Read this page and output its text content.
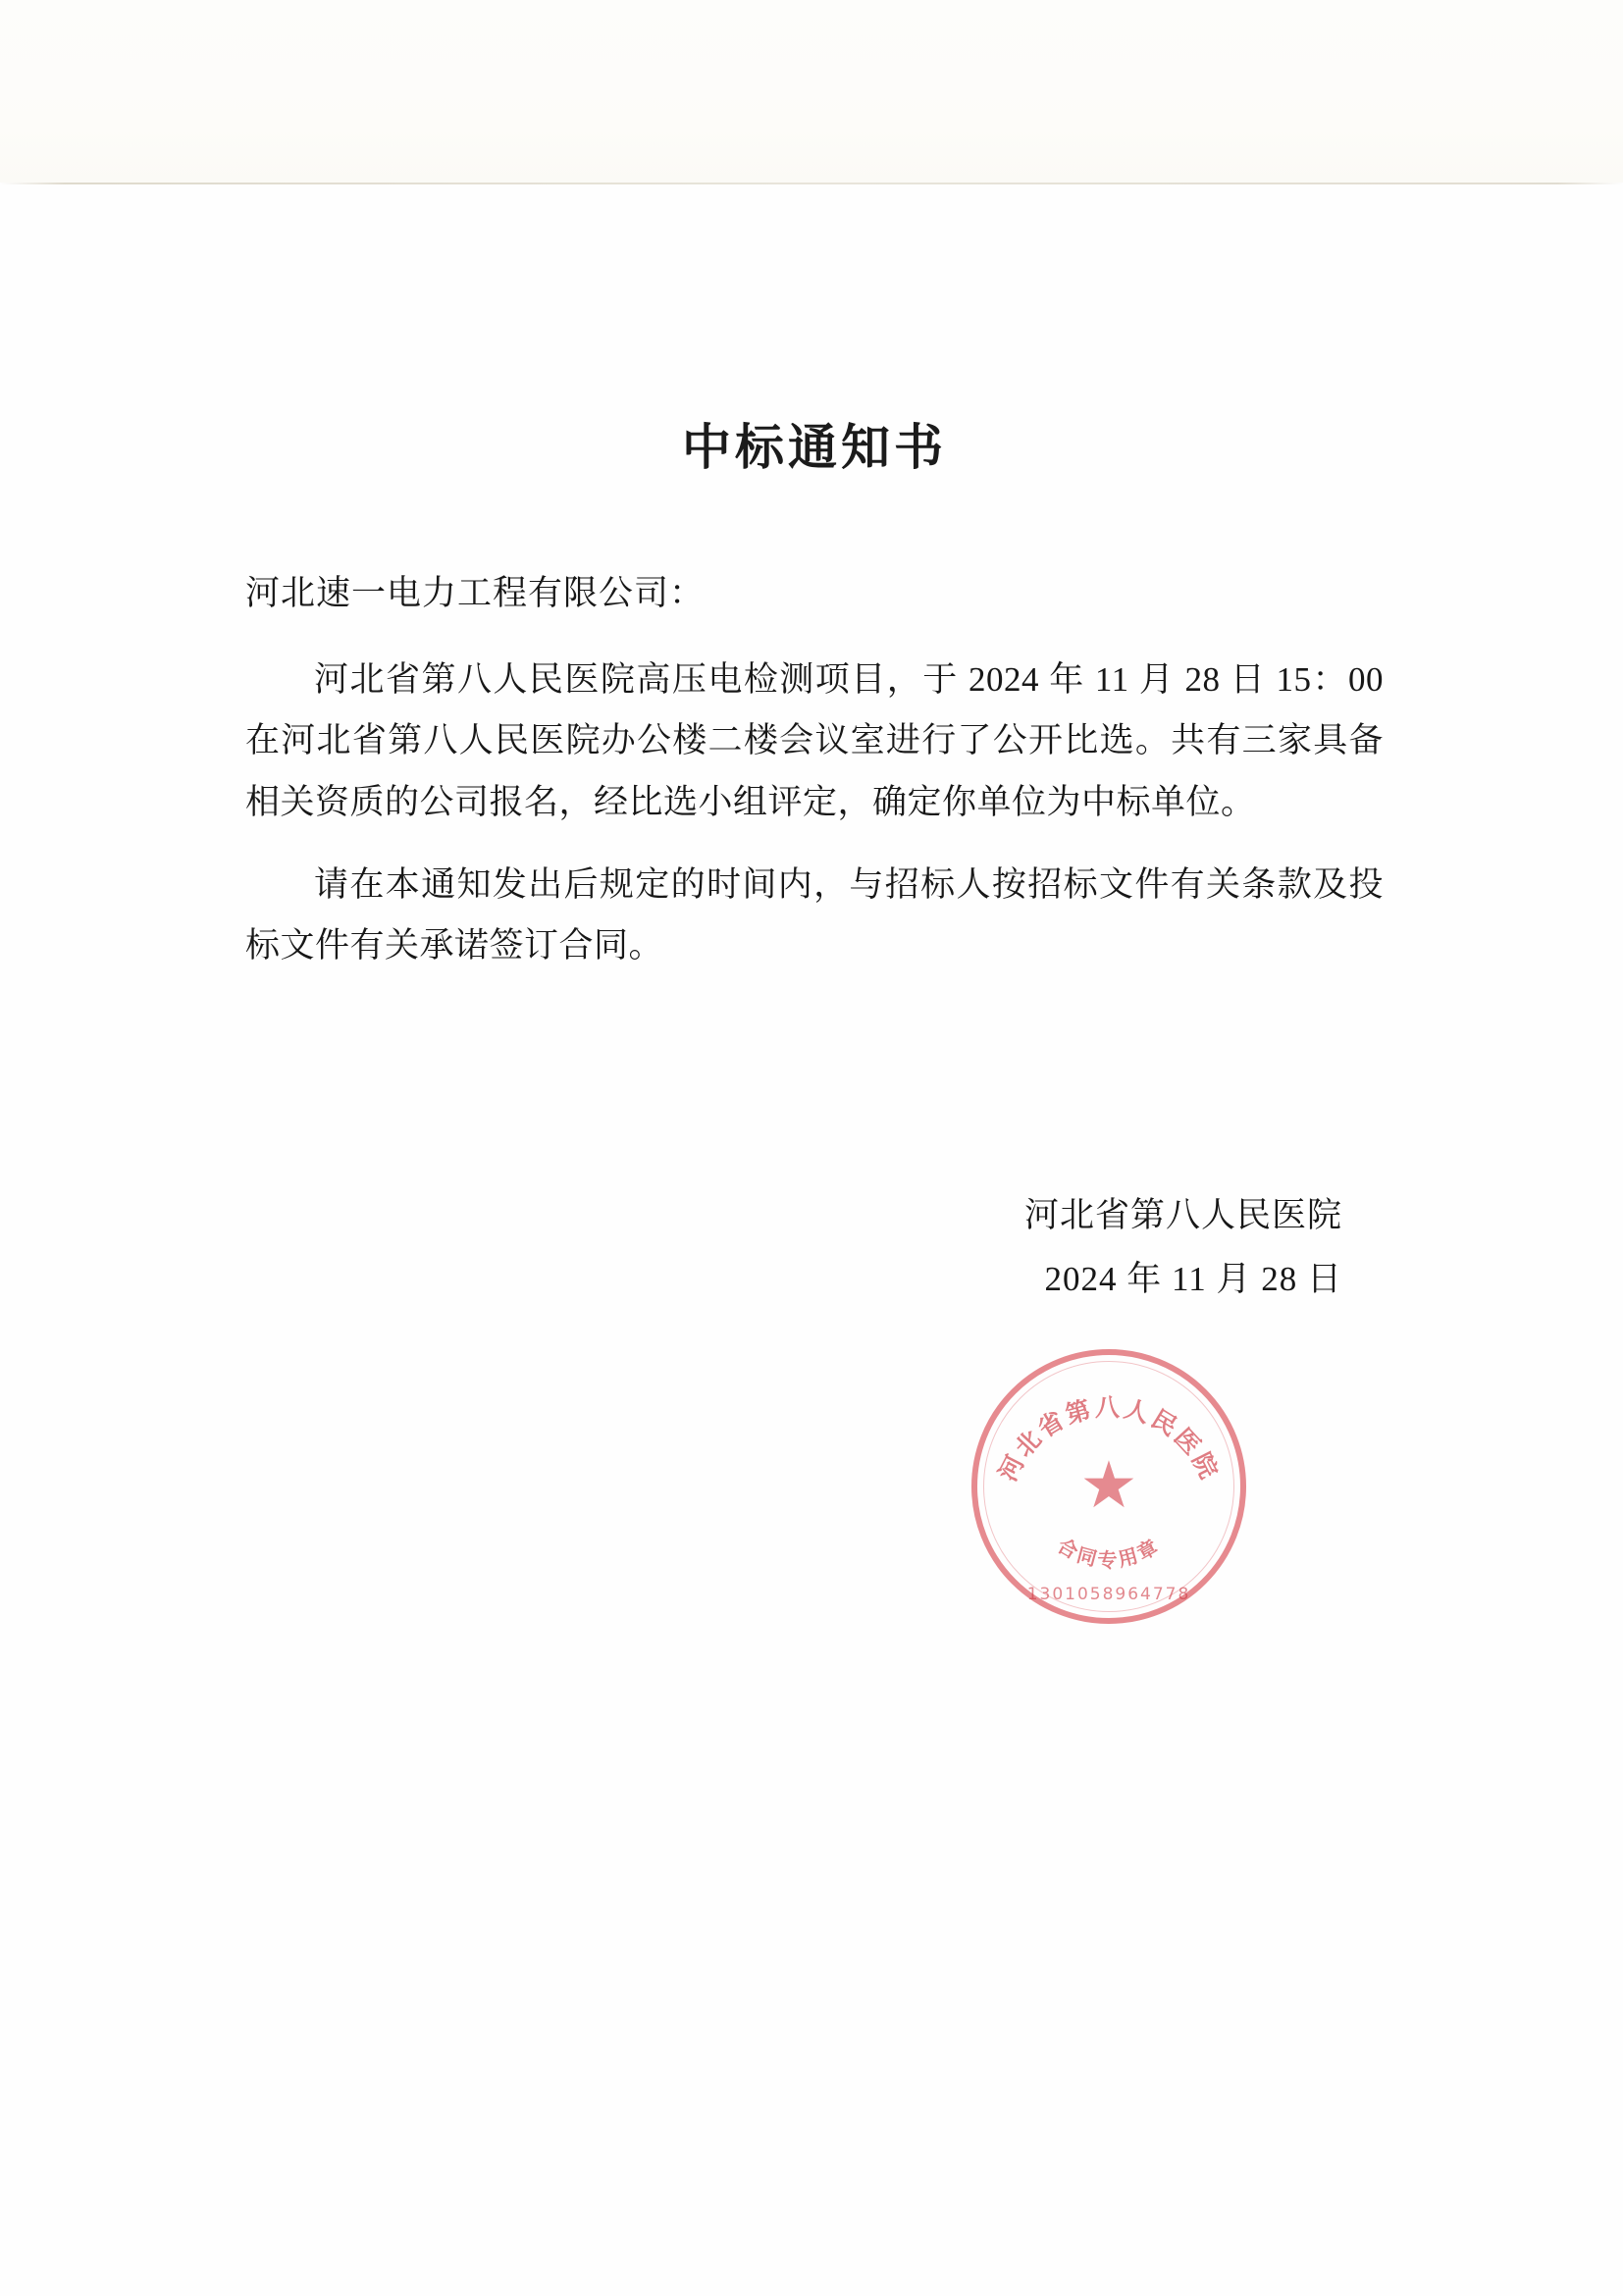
中标通知书
河北速一电力工程有限公司：

河北省第八人民医院高压电检测项目，于 2024 年 11 月 28 日 15：00 在河北省第八人民医院办公楼二楼会议室进行了公开比选。共有三家具备相关资质的公司报名，经比选小组评定，确定你单位为中标单位。

请在本通知发出后规定的时间内，与招标人按招标文件有关条款及投标文件有关承诺签订合同。

河北省第八人民医院
2024 年 11 月 28 日
河北省第八人民医院
合同专用章
★
1301058964778
